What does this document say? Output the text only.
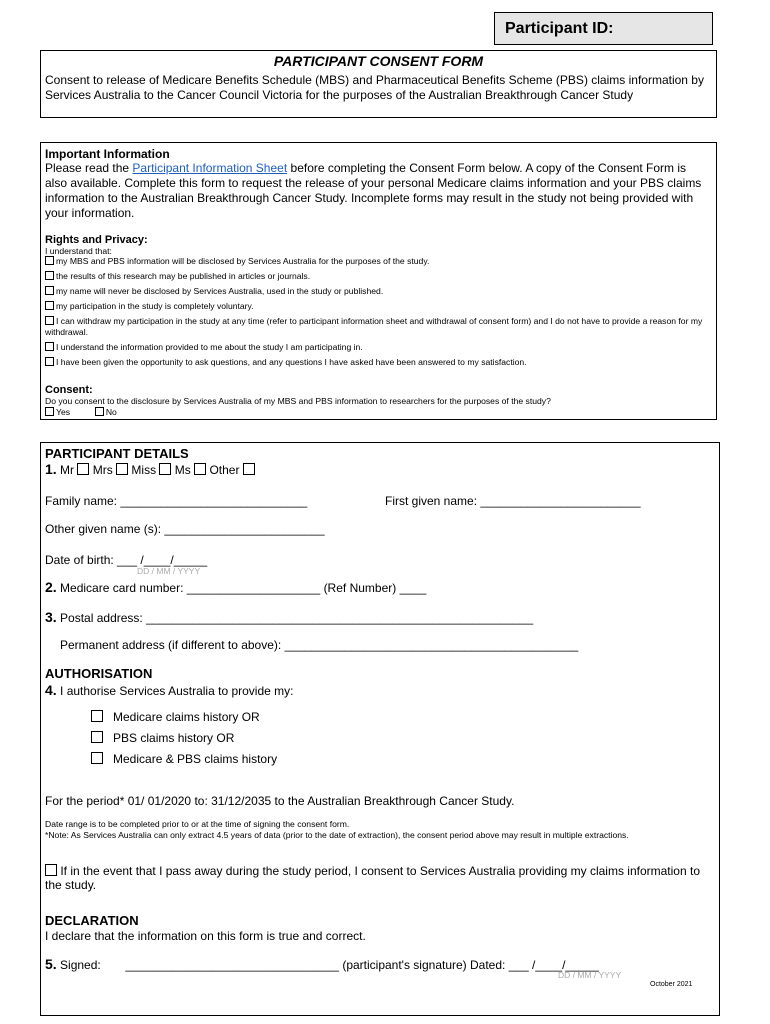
Participant ID:
PARTICIPANT CONSENT FORM
Consent to release of Medicare Benefits Schedule (MBS) and Pharmaceutical Benefits Scheme (PBS) claims information by Services Australia to the Cancer Council Victoria for the purposes of the Australian Breakthrough Cancer Study
Important Information
Please read the Participant Information Sheet before completing the Consent Form below. A copy of the Consent Form is also available. Complete this form to request the release of your personal Medicare claims information and your PBS claims information to the Australian Breakthrough Cancer Study. Incomplete forms may result in the study not being provided with your information.
Rights and Privacy:
I understand that:
my MBS and PBS information will be disclosed by Services Australia for the purposes of the study.
the results of this research may be published in articles or journals.
my name will never be disclosed by Services Australia, used in the study or published.
my participation in the study is completely voluntary.
I can withdraw my participation in the study at any time (refer to participant information sheet and withdrawal of consent form) and I do not have to provide a reason for my withdrawal.
I understand the information provided to me about the study I am participating in.
I have been given the opportunity to ask questions, and any questions I have asked have been answered to my satisfaction.
Consent:
Do you consent to the disclosure by Services Australia of my MBS and PBS information to researchers for the purposes of the study?
Yes	No
PARTICIPANT DETAILS
1. Mr Mrs Miss Ms Other
Family name: ____________________________	First given name: ________________________
Other given name (s): ________________________
Date of birth: ___ /____/_____
DD / MM / YYYY
2. Medicare card number: ____________________ (Ref Number) ____
3. Postal address: __________________________________________________________
Permanent address (if different to above): ____________________________________________
AUTHORISATION
4. I authorise Services Australia to provide my:
Medicare claims history OR
PBS claims history OR
Medicare & PBS claims history
For the period* 01/ 01/2020 to: 31/12/2035 to the Australian Breakthrough Cancer Study.
Date range is to be completed prior to or at the time of signing the consent form.
*Note: As Services Australia can only extract 4.5 years of data (prior to the date of extraction), the consent period above may result in multiple extractions.
If in the event that I pass away during the study period, I consent to Services Australia providing my claims information to the study.
DECLARATION
I declare that the information on this form is true and correct.
5. Signed: ________________________________ (participant's signature) Dated: ___ /____/_____
DD / MM / YYYY
October 2021
